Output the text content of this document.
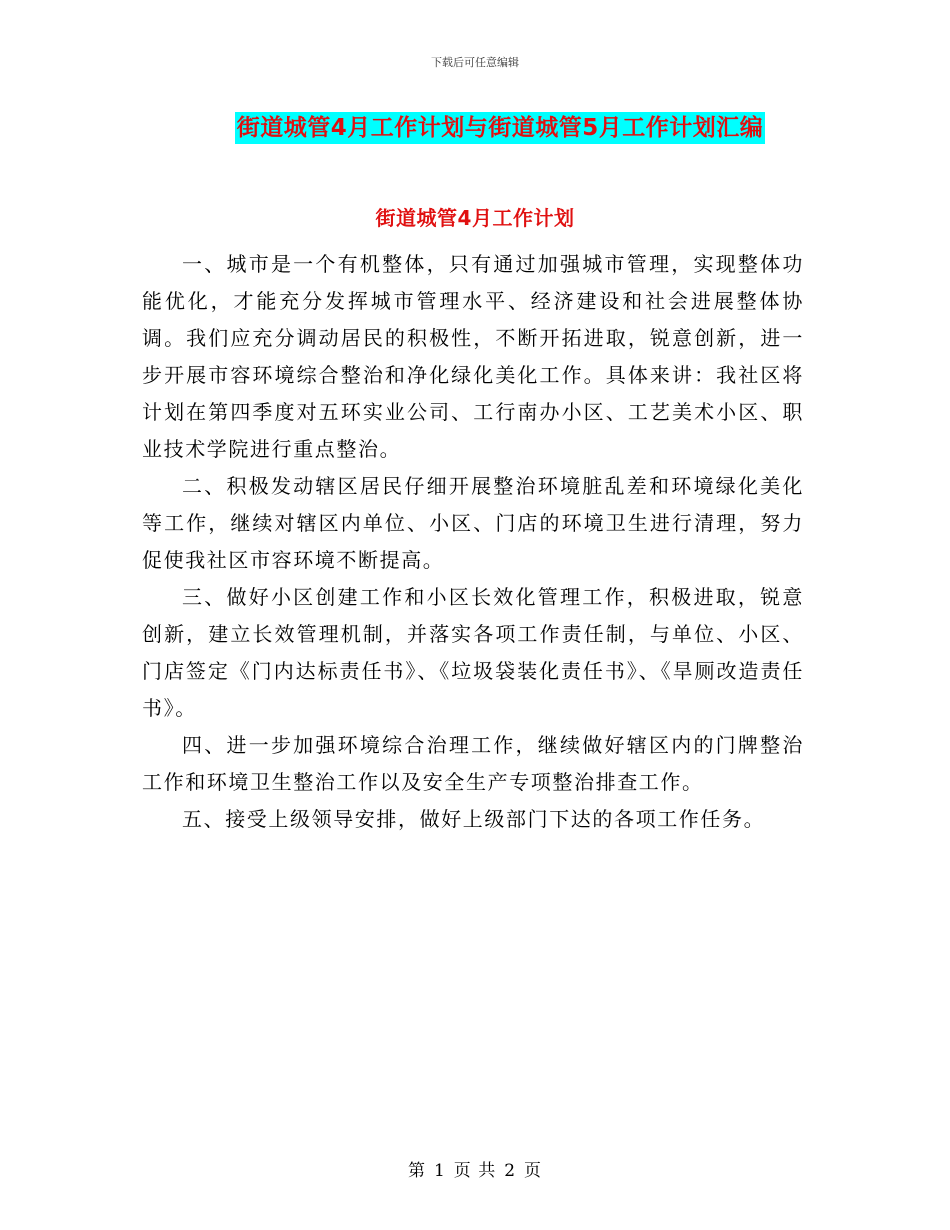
下载后可任意编辑
街道城管4月工作计划与街道城管5月工作计划汇编
街道城管4月工作计划

一、城市是一个有机整体，只有通过加强城市管理，实现整体功能优化，才能充分发挥城市管理水平、经济建设和社会进展整体协调。我们应充分调动居民的积极性，不断开拓进取，锐意创新，进一步开展市容环境综合整治和净化绿化美化工作。具体来讲：我社区将计划在第四季度对五环实业公司、工行南办小区、工艺美术小区、职业技术学院进行重点整治。

二、积极发动辖区居民仔细开展整治环境脏乱差和环境绿化美化等工作，继续对辖区内单位、小区、门店的环境卫生进行清理，努力促使我社区市容环境不断提高。

三、做好小区创建工作和小区长效化管理工作，积极进取，锐意创新，建立长效管理机制，并落实各项工作责任制，与单位、小区、门店签定《门内达标责任书》、《垃圾袋装化责任书》、《旱厕改造责任书》。

四、进一步加强环境综合治理工作，继续做好辖区内的门牌整治工作和环境卫生整治工作以及安全生产专项整治排查工作。

五、接受上级领导安排，做好上级部门下达的各项工作任务。

第 1 页 共 2 页
